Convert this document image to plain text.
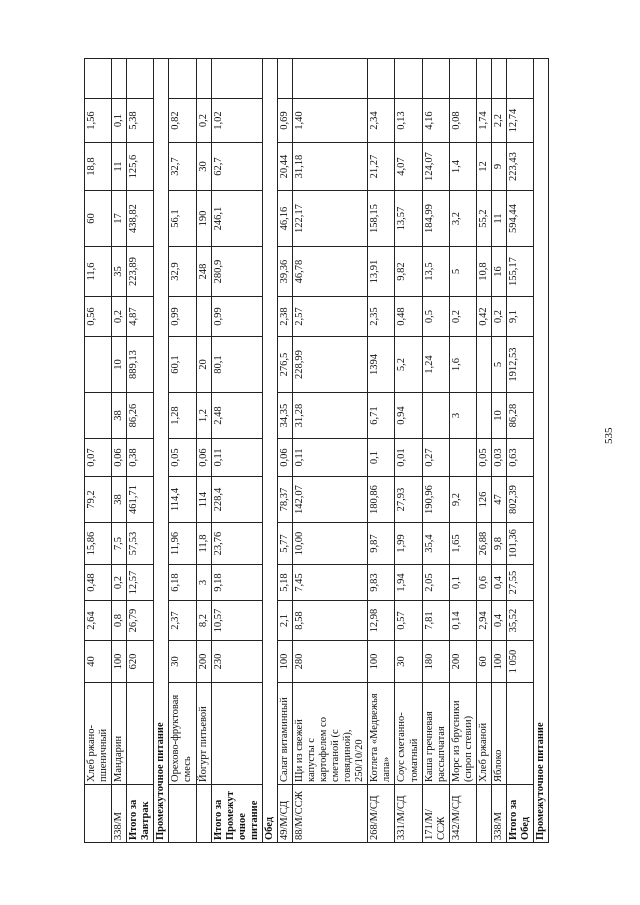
	Хлеб ржано-пшеничный	40	2,64	0,48	15,86	79,2	0,07			0,56	11,6	60	18,8	1,56	
338/М	Мандарин	100	0,8	0,2	7,5	38	0,06	38	10	0,2	35	17	11	0,1	
Итого за Завтрак		620	26,79	12,57	57,53	461,71	0,38	86,26	889,13	4,87	223,89	438,82	125,6	5,38	
Промежуточное питание															
	Орехово-фруктовая смесь	30	2,37	6,18	11,96	114,4	0,05	1,28	60,1	0,99	32,9	56,1	32,7	0,82	
	Йогурт питьевой	200	8,2	3	11,8	114	0,06	1,2	20		248	190	30	0,2	
Итого за Промежуточное питание		230	10,57	9,18	23,76	228,4	0,11	2,48	80,1	0,99	280,9	246,1	62,7	1,02	
Обед															
49/М/СД	Салат витаминный	100	2,1	5,18	5,77	78,37	0,06	34,35	276,5	2,38	39,36	46,16	20,44	0,69	
88/М/ССЖ	Щи из свежей капусты с картофелем со сметаной (с говядиной), 250/10/20	280	8,58	7,45	10,00	142,07	0,11	31,28	228,99	2,57	46,78	122,17	31,18	1,40	
268/М/СД	Котлета «Медвежья лапа»	100	12,98	9,83	9,87	180,86	0,1	6,71	1394	2,35	13,91	158,15	21,27	2,34	
331/М/СД	Соус сметанно-томатный	30	0,57	1,94	1,99	27,93	0,01	0,94	5,2	0,48	9,82	13,57	4,07	0,13	
171/М/ССЖ	Каша гречневая рассыпчатая	180	7,81	2,05	35,4	190,96	0,27		1,24	0,5	13,5	184,99	124,07	4,16	
342/М/СД	Морс из брусники (сироп стевии)	200	0,14	0,1	1,65	9,2		3	1,6	0,2	5	3,2	1,4	0,08	
	Хлеб ржаной	60	2,94	0,6	26,88	126	0,05			0,42	10,8	55,2	12	1,74	
338/М	Яблоко	100	0,4	0,4	9,8	47	0,03	10	5	0,2	16	11	9	2,2	
Итого за Обед		1 050	35,52	27,55	101,36	802,39	0,63	86,28	1912,53	9,1	155,17	594,44	223,43	12,74	
Промежуточное питание															
535
